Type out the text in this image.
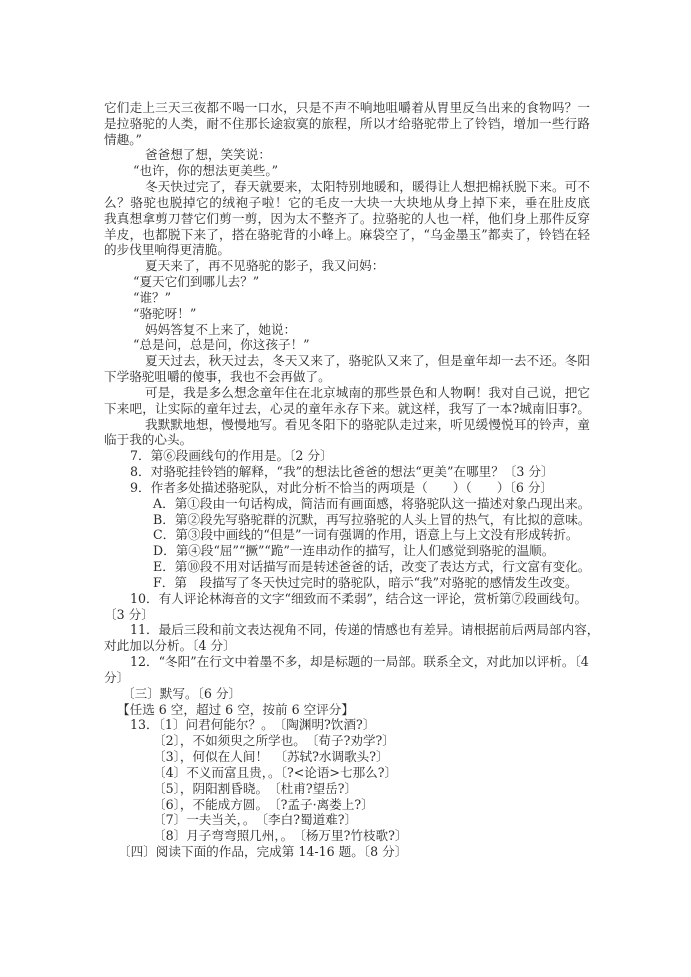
它们走上三天三夜都不喝一口水，只是不声不响地咀嚼着从胃里反刍出来的食物吗？一
是拉骆驼的人类，耐不住那长途寂寞的旅程，所以才给骆驼带上了铃铛，增加一些行路
情趣。”
爸爸想了想，笑笑说：
“也许，你的想法更美些。”
冬天快过完了，春天就要来，太阳特别地暖和，暖得让人想把棉袄脱下来。可不
么？骆驼也脱掉它的绒袍子啦！它的毛皮一大块一大块地从身上掉下来，垂在肚皮底
我真想拿剪刀替它们剪一剪，因为太不整齐了。拉骆驼的人也一样，他们身上那件反穿
羊皮，也都脱下来了，搭在骆驼背的小峰上。麻袋空了，“乌金墨玉”都卖了，铃铛在轻
的步伐里响得更清脆。
夏天来了，再不见骆驼的影子，我又问妈：
“夏天它们到哪儿去？”
“谁？”
“骆驼呀！”
妈妈答复不上来了，她说：
“总是问，总是问，你这孩子！”
夏天过去，秋天过去，冬天又来了，骆驼队又来了，但是童年却一去不还。冬阳
下学骆驼咀嚼的傻事，我也不会再做了。
可是，我是多么想念童年住在北京城南的那些景色和人物啊！我对自己说，把它
下来吧，让实际的童年过去，心灵的童年永存下来。就这样，我写了一本?城南旧事?。
我默默地想，慢慢地写。看见冬阳下的骆驼队走过来，听见缓慢悦耳的铃声，童
临于我的心头。
7．第⑥段画线句的作用是。〔2 分〕
8．对骆驼挂铃铛的解释，“我”的想法比爸爸的想法“更美”在哪里？〔3 分〕
9．作者多处描述骆驼队，对此分析不恰当的两项是（　　）（　　）〔6 分〕
A．第①段由一句话构成，简洁而有画面感，将骆驼队这一描述对象凸现出来。
B．第②段先写骆驼群的沉默，再写拉骆驼的人头上冒的热气，有比拟的意味。
C．第③段中画线的“但是”一词有强调的作用，语意上与上文没有形成转折。
D．第④段“屈”“撅”“跪”一连串动作的描写，让人们感觉到骆驼的温顺。
E．第⑩段不用对话描写而是转述爸爸的话，改变了表达方式，行文富有变化。
F．第　段描写了冬天快过完时的骆驼队，暗示“我”对骆驼的感情发生改变。
10．有人评论林海音的文字“细致而不柔弱”，结合这一评论，赏析第⑦段画线句。
〔3 分〕
11．最后三段和前文表达视角不同，传递的情感也有差异。请根据前后两局部内容，
对此加以分析。〔4 分〕
12．“冬阳”在行文中着墨不多，却是标题的一局部。联系全文，对此加以评析。〔4
分〕
〔三〕默写。〔6 分〕
【任选 6 空，超过 6 空，按前 6 空评分】
13．〔1〕问君何能尔？。　〔陶渊明?饮酒?〕
〔2〕，不如须臾之所学也。　〔荀子?劝学?〕
〔3〕，何似在人间！　〔苏轼?水调歌头?〕
〔4〕不义而富且贵，。〔?<论语>七那么?〕
〔5〕，阴阳割昏晓。　〔杜甫?望岳?〕
〔6〕，不能成方圆。　〔?孟子·离娄上?〕
〔7〕一夫当关，。　〔李白?蜀道难?〕
〔8〕月子弯弯照几州，。　〔杨万里?竹枝歌?〕
〔四〕阅读下面的作品，完成第 14-16 题。〔8 分〕
